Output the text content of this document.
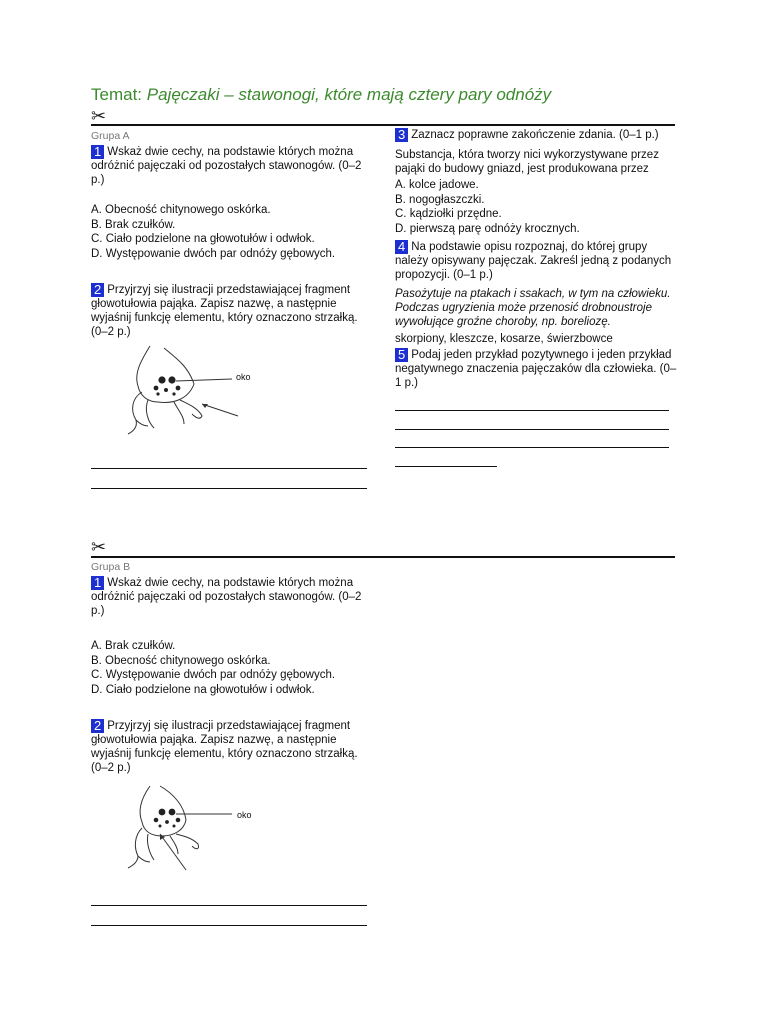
Temat: Pajęczaki – stawonogi, które mają cztery pary odnóży
✂
Grupa A
1 Wskaż dwie cechy, na podstawie których można odróżnić pajęczaki od pozostałych stawonogów. (0–2 p.)
A. Obecność chitynowego oskórka.
B. Brak czułków.
C. Ciało podzielone na głowotułów i odwłok.
D. Występowanie dwóch par odnóży gębowych.
2 Przyjrzyj się ilustracji przedstawiającej fragment głowotułowia pająka. Zapisz nazwę, a następnie wyjaśnij funkcję elementu, który oznaczono strzałką. (0–2 p.)
oko
3 Zaznacz poprawne zakończenie zdania. (0–1 p.)
Substancja, która tworzy nici wykorzystywane przez pająki do budowy gniazd, jest produkowana przez
A. kolce jadowe.
B. nogogłaszczki.
C. kądziołki przędne.
D. pierwszą parę odnóży krocznych.
4 Na podstawie opisu rozpoznaj, do której grupy należy opisywany pajęczak. Zakreśl jedną z podanych propozycji. (0–1 p.)
Pasożytuje na ptakach i ssakach, w tym na człowieku. Podczas ugryzienia może przenosić drobnoustroje wywołujące groźne choroby, np. boreliozę.
skorpiony, kleszcze, kosarze, świerzbowce
5 Podaj jeden przykład pozytywnego i jeden przykład negatywnego znaczenia pajęczaków dla człowieka. (0–1 p.)
✂
Grupa B
1 Wskaż dwie cechy, na podstawie których można odróżnić pajęczaki od pozostałych stawonogów. (0–2 p.)
A. Brak czułków.
B. Obecność chitynowego oskórka.
C. Występowanie dwóch par odnóży gębowych.
D. Ciało podzielone na głowotułów i odwłok.
2 Przyjrzyj się ilustracji przedstawiającej fragment głowotułowia pająka. Zapisz nazwę, a następnie wyjaśnij funkcję elementu, który oznaczono strzałką. (0–2 p.)
oko
